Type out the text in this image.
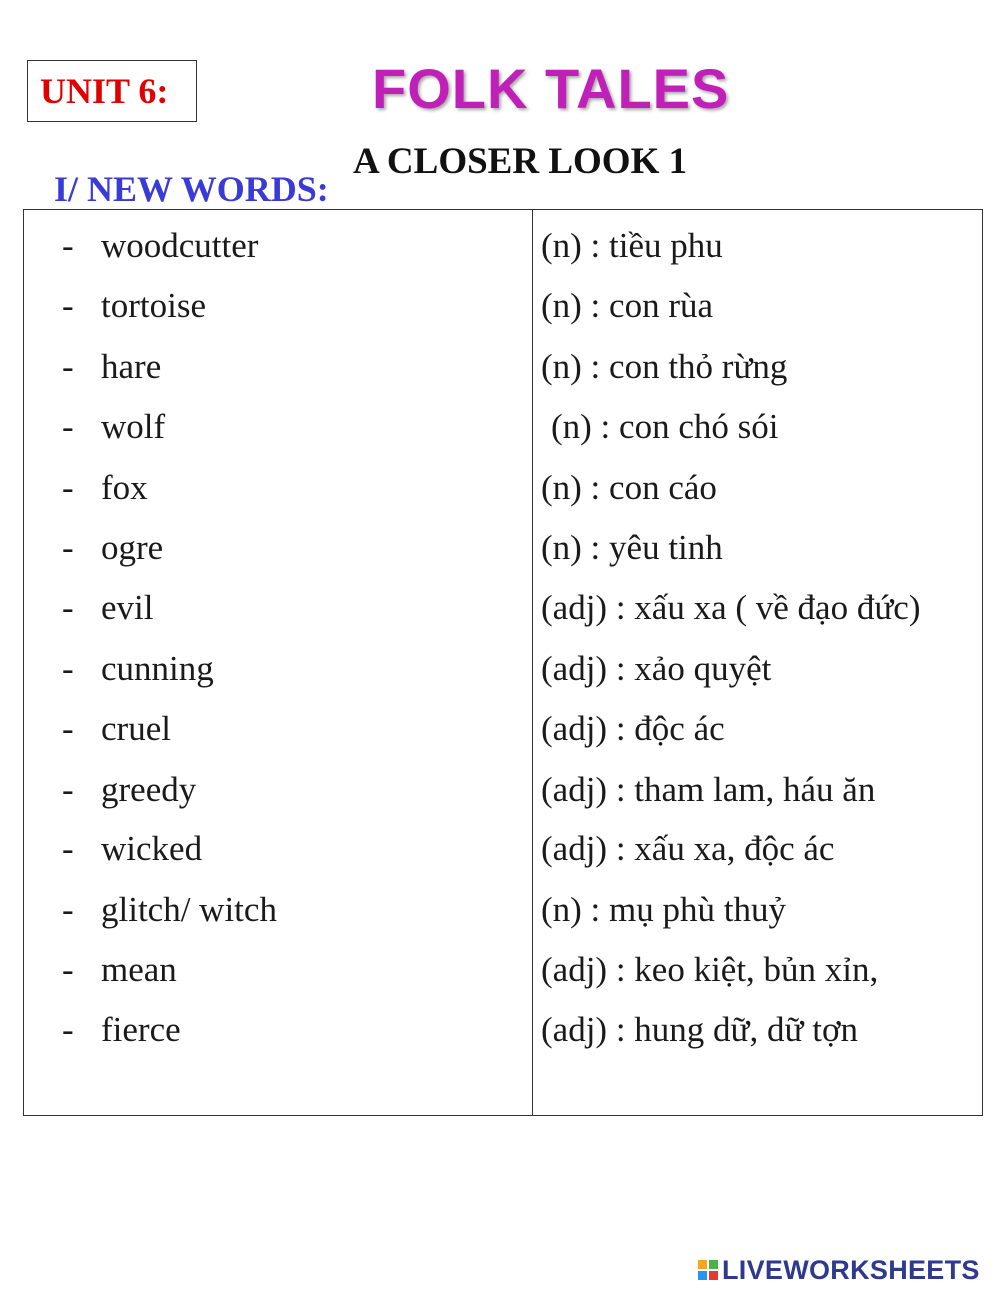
UNIT 6:	FOLK TALES
A CLOSER LOOK 1
I/ NEW WORDS:
- woodcutter	(n) : tiều phu
- tortoise	(n) : con rùa
- hare	(n) : con thỏ rừng
- wolf	(n) : con chó sói
- fox	(n) : con cáo
- ogre	(n) : yêu tinh
- evil	(adj) : xấu xa ( về đạo đức)
- cunning	(adj) : xảo quyệt
- cruel	(adj) : độc ác
- greedy	(adj) : tham lam, háu ăn
- wicked	(adj) : xấu xa, độc ác
- glitch/ witch	(n) : mụ phù thuỷ
- mean	(adj) : keo kiệt, bủn xỉn,
- fierce	(adj) : hung dữ, dữ tợn
LIVEWORKSHEETS
